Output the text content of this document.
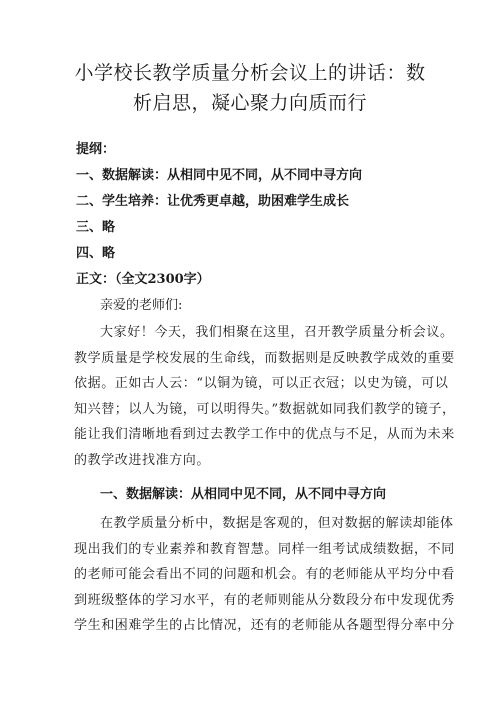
小学校长教学质量分析会议上的讲话：数
析启思，凝心聚力向质而行
提纲：
一、数据解读：从相同中见不同，从不同中寻方向
二、学生培养：让优秀更卓越，助困难学生成长
三、略
四、略
正文：（全文2300字）
亲爱的老师们:
大家好！今天，我们相聚在这里，召开教学质量分析会议。
教学质量是学校发展的生命线，而数据则是反映教学成效的重要
依据。正如古人云：“以铜为镜，可以正衣冠；以史为镜，可以
知兴替；以人为镜，可以明得失。”数据就如同我们教学的镜子，
能让我们清晰地看到过去教学工作中的优点与不足，从而为未来
的教学改进找准方向。
一、数据解读：从相同中见不同，从不同中寻方向
在教学质量分析中，数据是客观的，但对数据的解读却能体
现出我们的专业素养和教育智慧。同样一组考试成绩数据，不同
的老师可能会看出不同的问题和机会。有的老师能从平均分中看
到班级整体的学习水平，有的老师则能从分数段分布中发现优秀
学生和困难学生的占比情况，还有的老师能从各题型得分率中分
